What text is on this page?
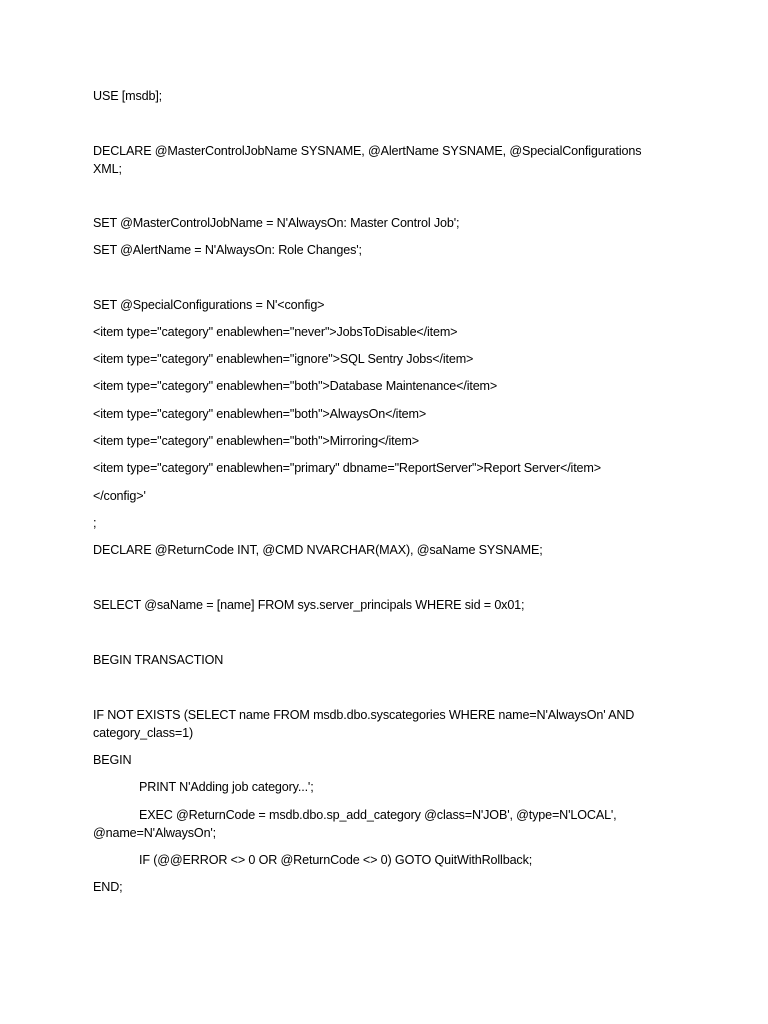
USE [msdb];
DECLARE @MasterControlJobName SYSNAME, @AlertName SYSNAME, @SpecialConfigurations
XML;
SET @MasterControlJobName = N'AlwaysOn: Master Control Job';
SET @AlertName = N'AlwaysOn: Role Changes';
SET @SpecialConfigurations = N'<config>
<item type="category" enablewhen="never">JobsToDisable</item>
<item type="category" enablewhen="ignore">SQL Sentry Jobs</item>
<item type="category" enablewhen="both">Database Maintenance</item>
<item type="category" enablewhen="both">AlwaysOn</item>
<item type="category" enablewhen="both">Mirroring</item>
<item type="category" enablewhen="primary" dbname="ReportServer">Report Server</item>
</config>'
;
DECLARE @ReturnCode INT, @CMD NVARCHAR(MAX), @saName SYSNAME;
SELECT @saName = [name] FROM sys.server_principals WHERE sid = 0x01;
BEGIN TRANSACTION
IF NOT EXISTS (SELECT name FROM msdb.dbo.syscategories WHERE name=N'AlwaysOn' AND
category_class=1)
BEGIN
PRINT N'Adding job category...';
EXEC @ReturnCode = msdb.dbo.sp_add_category @class=N'JOB', @type=N'LOCAL',
@name=N'AlwaysOn';
IF (@@ERROR <> 0 OR @ReturnCode <> 0) GOTO QuitWithRollback;
END;
